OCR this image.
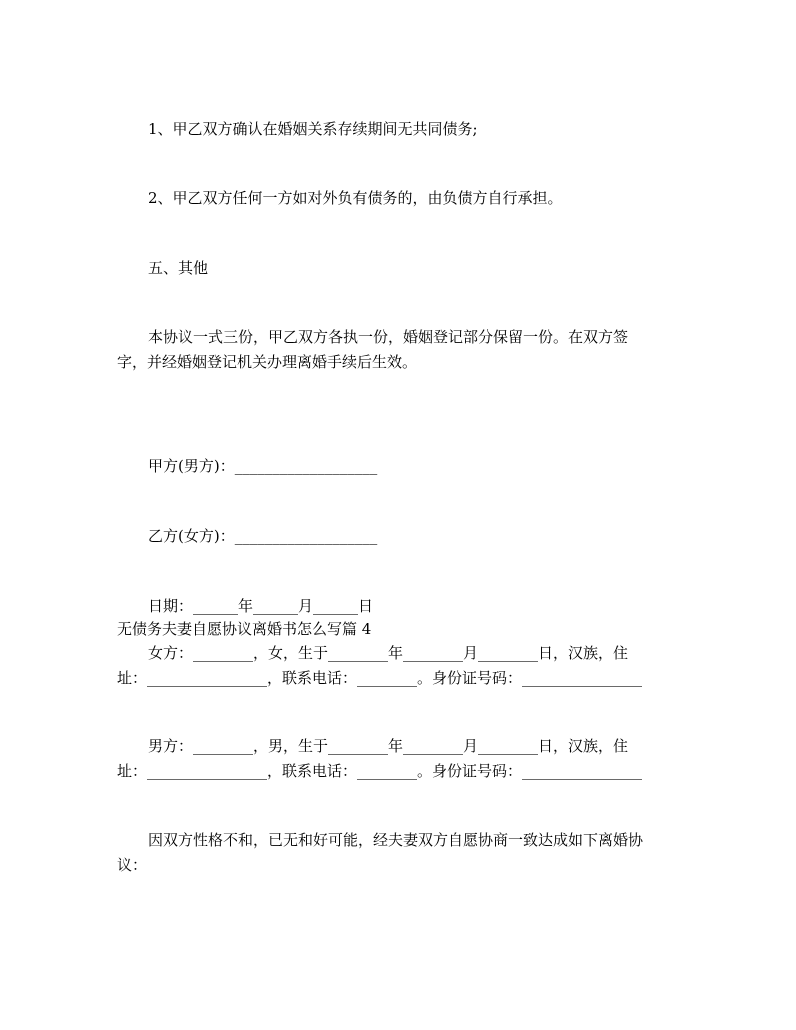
1、甲乙双方确认在婚姻关系存续期间无共同债务;
2、甲乙双方任何一方如对外负有债务的，由负债方自行承担。
五、其他
本协议一式三份，甲乙双方各执一份，婚姻登记部分保留一份。在双方签
字，并经婚姻登记机关办理离婚手续后生效。
甲方(男方)：___________________
乙方(女方)：___________________
日期：______年______月______日
无债务夫妻自愿协议离婚书怎么写篇 4
女方：________，女，生于________年________月________日，汉族，住
址：________________，联系电话：________。身份证号码：________________
男方：________，男，生于________年________月________日，汉族，住
址：________________，联系电话：________。身份证号码：________________
因双方性格不和，已无和好可能，经夫妻双方自愿协商一致达成如下离婚协
议：
